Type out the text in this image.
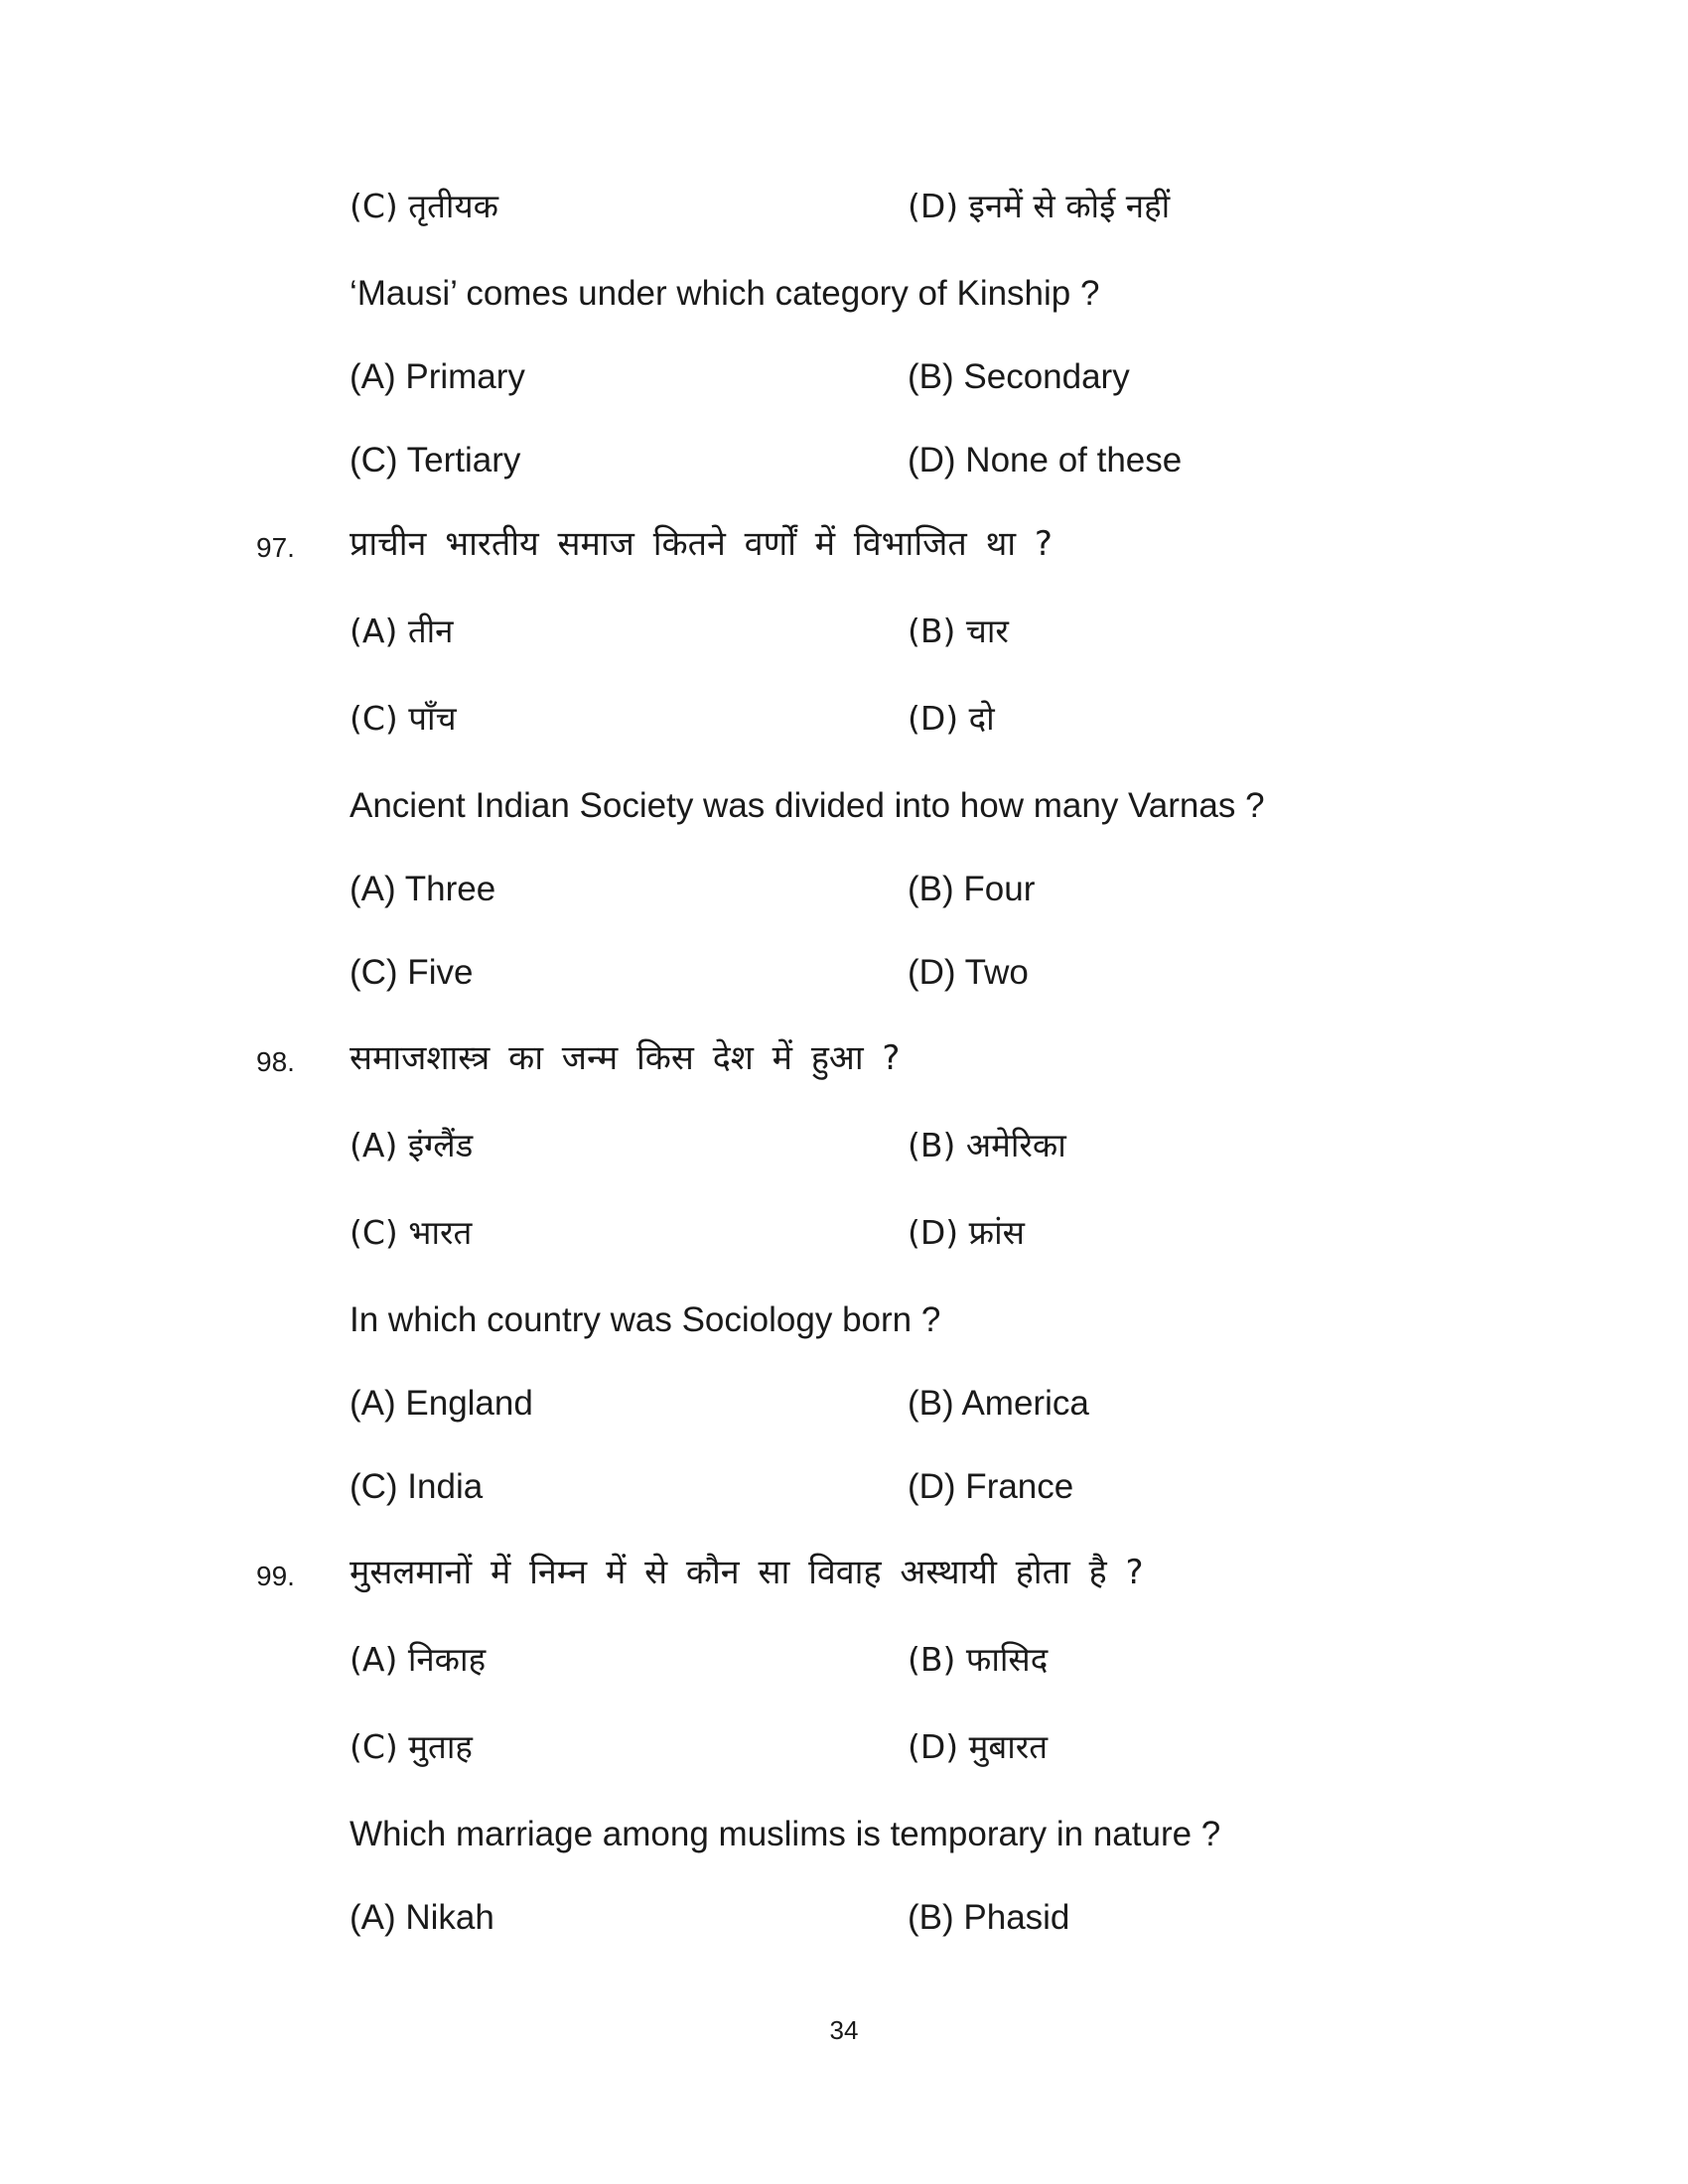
(C) तृतीयक	(D) इनमें से कोई नहीं
‘Mausi’ comes under which category of Kinship ?
(A) Primary	(B) Secondary
(C) Tertiary	(D) None of these
97. प्राचीन भारतीय समाज कितने वर्णों में विभाजित था ?
(A) तीन	(B) चार
(C) पाँच	(D) दो
Ancient Indian Society was divided into how many Varnas ?
(A) Three	(B) Four
(C) Five	(D) Two
98. समाजशास्त्र का जन्म किस देश में हुआ ?
(A) इंग्लैंड	(B) अमेरिका
(C) भारत	(D) फ्रांस
In which country was Sociology born ?
(A) England	(B) America
(C) India	(D) France
99. मुसलमानों में निम्न में से कौन सा विवाह अस्थायी होता है ?
(A) निकाह	(B) फासिद
(C) मुताह	(D) मुबारत
Which marriage among muslims is temporary in nature ?
(A) Nikah	(B) Phasid
34
